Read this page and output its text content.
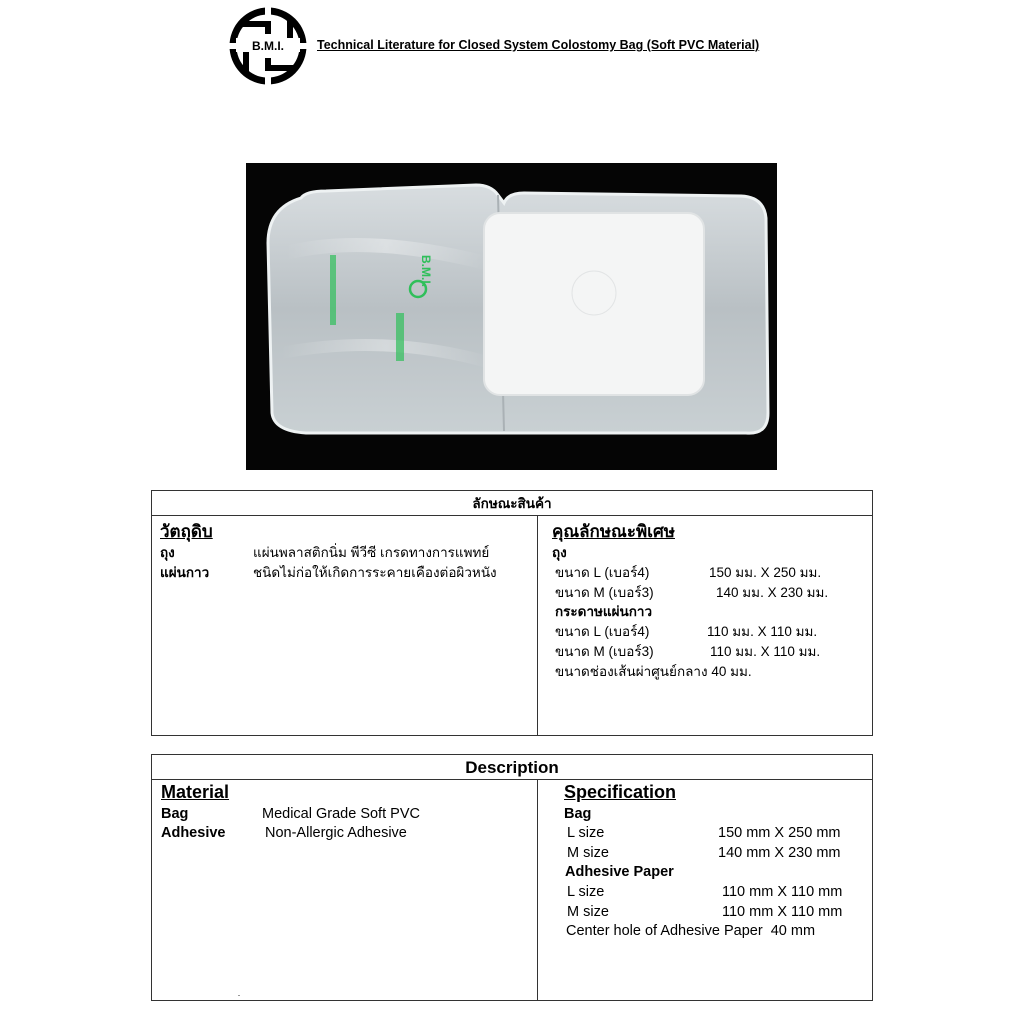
B.M.I.	Technical Literature for Closed System Colostomy Bag (Soft PVC Material)
B.M.I.
ลักษณะสินค้า
วัตถุดิบ
ถุง	แผ่นพลาสติกนิ่ม พีวีซี เกรดทางการแพทย์
แผ่นกาว	ชนิดไม่ก่อให้เกิดการระคายเคืองต่อผิวหนัง
คุณลักษณะพิเศษ
ถุง
ขนาด L (เบอร์4)	150 มม. X 250 มม.
ขนาด M (เบอร์3)	140 มม. X 230 มม.
กระดาษแผ่นกาว
ขนาด L (เบอร์4)	110 มม. X 110 มม.
ขนาด M (เบอร์3)	110 มม. X 110 มม.
ขนาดช่องเส้นผ่าศูนย์กลาง 40 มม.
Description
Material
Bag	Medical Grade Soft PVC
Adhesive	Non-Allergic Adhesive
Specification
Bag
L size	150 mm X 250 mm
M size	140 mm X 230 mm
Adhesive Paper
L size	110 mm X 110 mm
M size	110 mm X 110 mm
Center hole of Adhesive Paper  40 mm
